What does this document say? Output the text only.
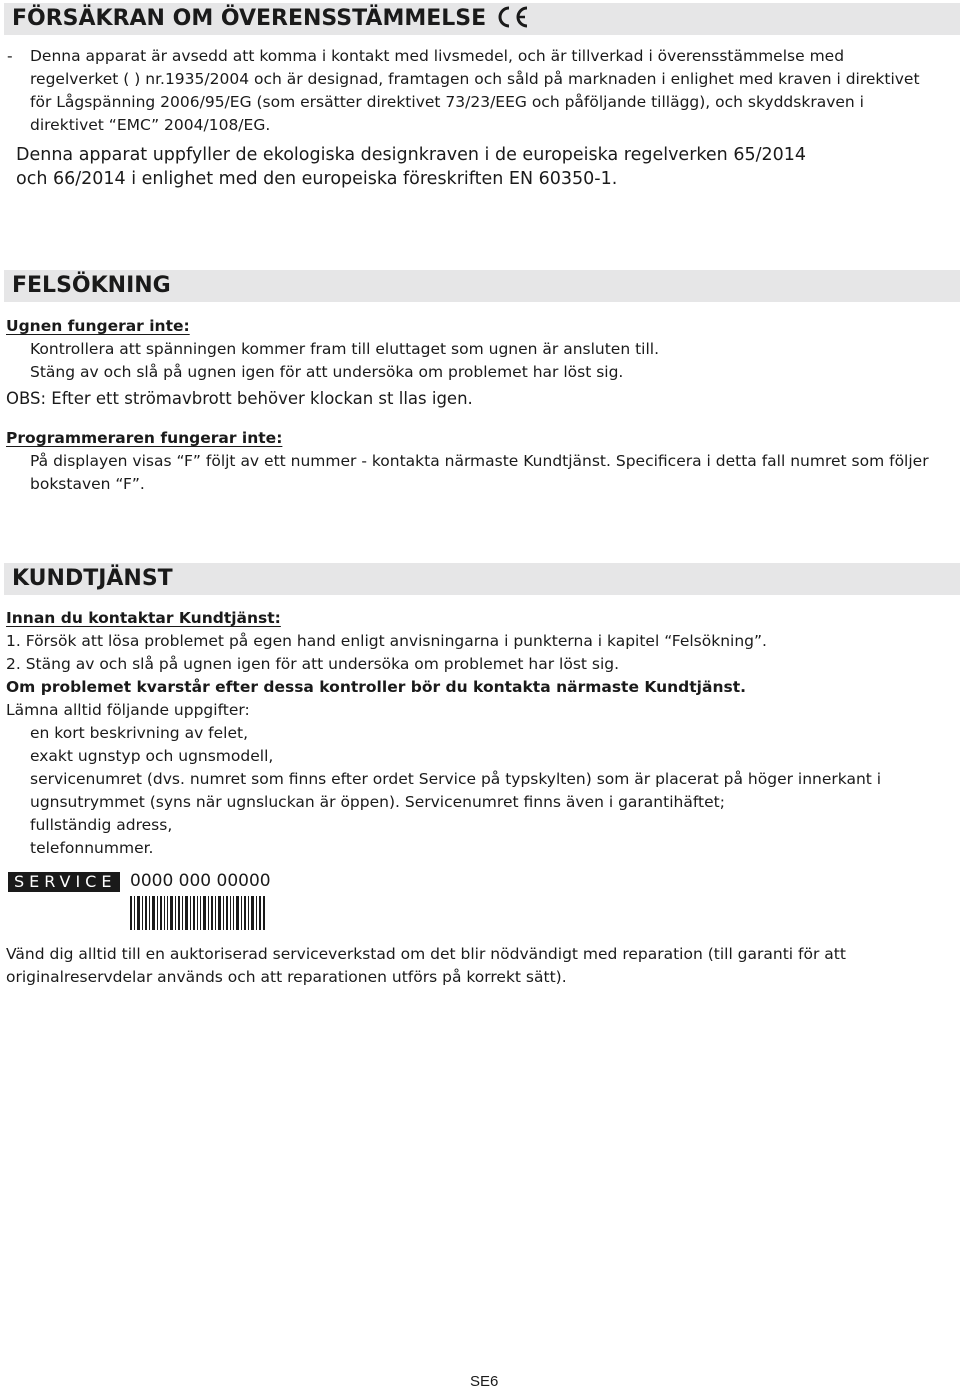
FÖRSÄKRAN OM ÖVERENSSTÄMMELSE
- Denna apparat är avsedd att komma i kontakt med livsmedel, och är tillverkad i överensstämmelse med
regelverket ( ) nr.1935/2004 och är designad, framtagen och såld på marknaden i enlighet med kraven i direktivet
för Lågspänning 2006/95/EG (som ersätter direktivet 73/23/EEG och påföljande tillägg), och skyddskraven i
direktivet “EMC” 2004/108/EG.
Denna apparat uppfyller de ekologiska designkraven i de europeiska regelverken 65/2014
och 66/2014 i enlighet med den europeiska föreskriften EN 60350-1.
FELSÖKNING
Ugnen fungerar inte:
Kontrollera att spänningen kommer fram till eluttaget som ugnen är ansluten till.
Stäng av och slå på ugnen igen för att undersöka om problemet har löst sig.
OBS: Efter ett strömavbrott behöver klockan st llas igen.
Programmeraren fungerar inte:
På displayen visas “F” följt av ett nummer - kontakta närmaste Kundtjänst. Specificera i detta fall numret som följer
bokstaven “F”.
KUNDTJÄNST
Innan du kontaktar Kundtjänst:
1. Försök att lösa problemet på egen hand enligt anvisningarna i punkterna i kapitel “Felsökning”.
2. Stäng av och slå på ugnen igen för att undersöka om problemet har löst sig.
Om problemet kvarstår efter dessa kontroller bör du kontakta närmaste Kundtjänst.
Lämna alltid följande uppgifter:
en kort beskrivning av felet,
exakt ugnstyp och ugnsmodell,
servicenumret (dvs. numret som finns efter ordet Service på typskylten) som är placerat på höger innerkant i
ugnsutrymmet (syns när ugnsluckan är öppen). Servicenumret finns även i garantihäftet;
fullständig adress,
telefonnummer.
SERVICE 0000 000 00000
Vänd dig alltid till en auktoriserad serviceverkstad om det blir nödvändigt med reparation (till garanti för att
originalreservdelar används och att reparationen utförs på korrekt sätt).
SE6
